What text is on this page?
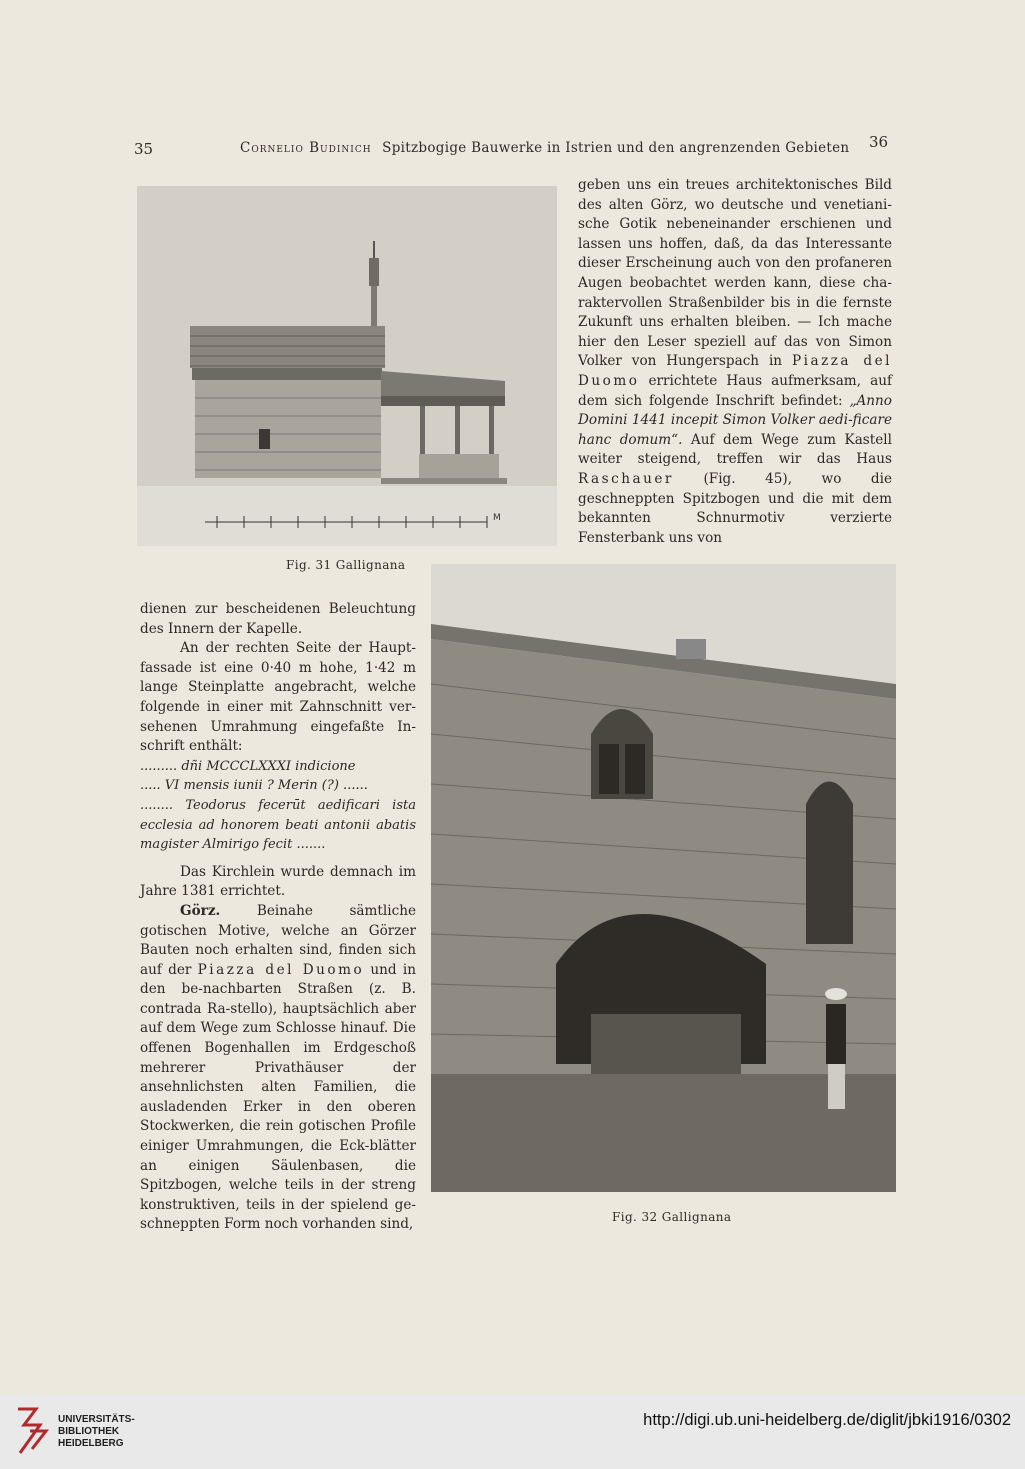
35	Cornelio Budinich Spitzbogige Bauwerke in Istrien und den angrenzenden Gebieten 36
M

geben uns ein treues architektonisches Bild des alten Görz, wo deutsche und venetiani-sche Gotik nebeneinander erschienen und lassen uns hoffen, daß, da das Interessante dieser Erscheinung auch von den profaneren Augen beobachtet werden kann, diese cha-raktervollen Straßenbilder bis in die fernste Zukunft uns erhalten bleiben. — Ich mache hier den Leser speziell auf das von Simon Volker von Hungerspach in Piazza del Duomo errichtete Haus aufmerksam, auf dem sich folgende Inschrift befindet: „Anno Domini 1441 incepit Simon Volker aedi-ficare hanc domum“. Auf dem Wege zum Kastell weiter steigend, treffen wir das Haus Raschauer (Fig. 45), wo die geschneppten Spitzbogen und die mit dem bekannten Schnurmotiv verzierte Fensterbank uns von

Fig. 31 Gallignana

dienen zur bescheidenen Beleuchtung des Innern der Kapelle.

An der rechten Seite der Haupt-fassade ist eine 0·40 m hohe, 1·42 m lange Steinplatte angebracht, welche folgende in einer mit Zahnschnitt ver-sehenen Umrahmung eingefaßte In-schrift enthält:

......... dñi MCCCLXXXI indicione

..... VI mensis iunii ? Merin (?) ......

........ Teodorus fecerūt aedificari ista ecclesia ad honorem beati antonii abatis magister Almirigo fecit .......

Das Kirchlein wurde demnach im Jahre 1381 errichtet.

Görz.	Beinahe sämtliche gotischen Motive, welche an Görzer Bauten noch erhalten sind, finden sich auf der Piazza del Duomo und in den be-nachbarten Straßen (z. B. contrada Ra-stello), hauptsächlich aber auf dem Wege zum Schlosse hinauf. Die offenen Bogenhallen im Erdgeschoß mehrerer Privathäuser der ansehnlichsten alten Familien, die ausladenden Erker in den oberen Stockwerken, die rein gotischen Profile einiger Umrahmungen, die Eck-blätter an einigen Säulenbasen, die Spitzbogen, welche teils in der streng konstruktiven, teils in der spielend ge-schneppten Form noch vorhanden sind,	Fig. 32 Gallignana
UNIVERSITÄTS-
BIBLIOTHEK
HEIDELBERG
http://digi.ub.uni-heidelberg.de/diglit/jbki1916/0302
